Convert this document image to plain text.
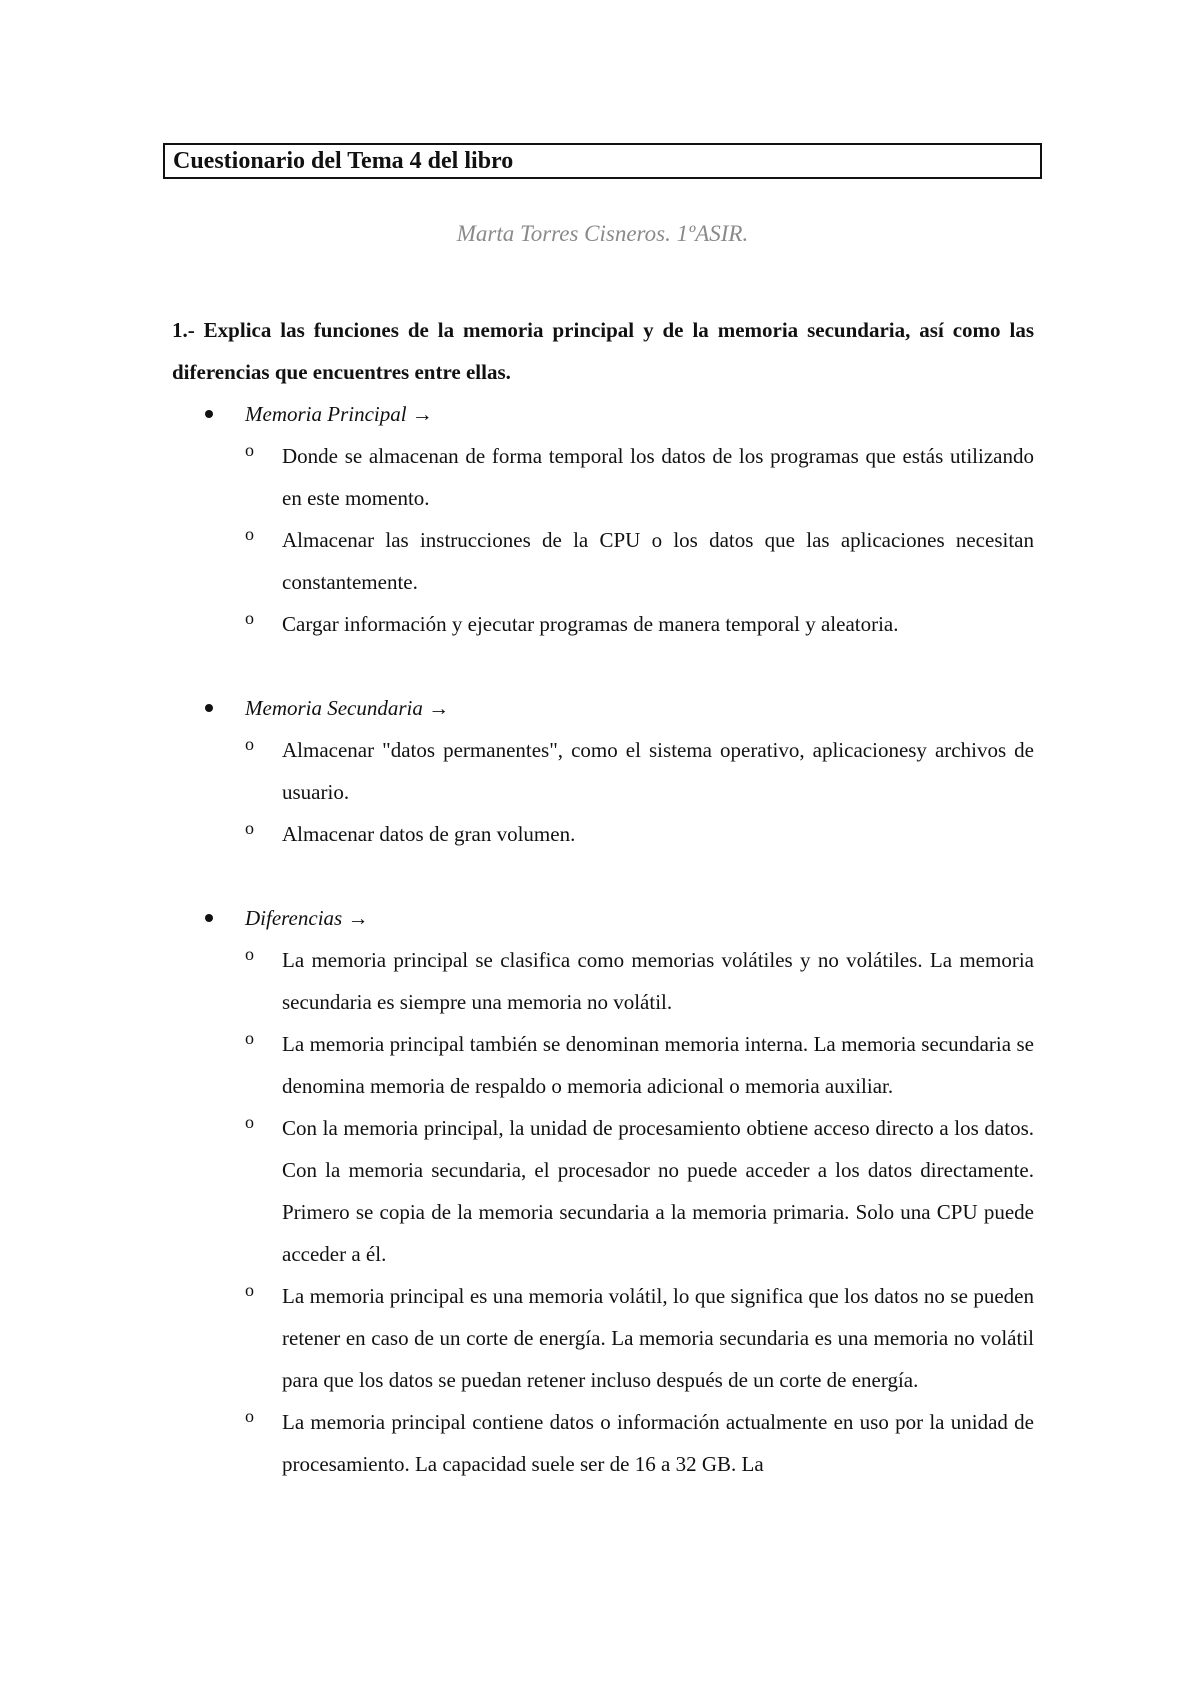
Cuestionario del Tema 4 del libro
Marta Torres Cisneros. 1ºASIR.

1.- Explica las funciones de la memoria principal y de la memoria secundaria, así como las diferencias que encuentres entre ellas.

Memoria Principal →
o Donde se almacenan de forma temporal los datos de los programas que estás utilizando en este momento.
o Almacenar las instrucciones de la CPU o los datos que las aplicaciones necesitan constantemente.
o Cargar información y ejecutar programas de manera temporal y aleatoria.
Memoria Secundaria →
o Almacenar "datos permanentes", como el sistema operativo, aplicacionesy archivos de usuario.
o Almacenar datos de gran volumen.
Diferencias →
o La memoria principal se clasifica como memorias volátiles y no volátiles. La memoria secundaria es siempre una memoria no volátil.
o La memoria principal también se denominan memoria interna. La memoria secundaria se denomina memoria de respaldo o memoria adicional o memoria auxiliar.
o Con la memoria principal, la unidad de procesamiento obtiene acceso directo a los datos. Con la memoria secundaria, el procesador no puede acceder a los datos directamente. Primero se copia de la memoria secundaria a la memoria primaria. Solo una CPU puede acceder a él.
o La memoria principal es una memoria volátil, lo que significa que los datos no se pueden retener en caso de un corte de energía. La memoria secundaria es una memoria no volátil para que los datos se puedan retener incluso después de un corte de energía.
o La memoria principal contiene datos o información actualmente en uso por la unidad de procesamiento. La capacidad suele ser de 16 a 32 GB. La
